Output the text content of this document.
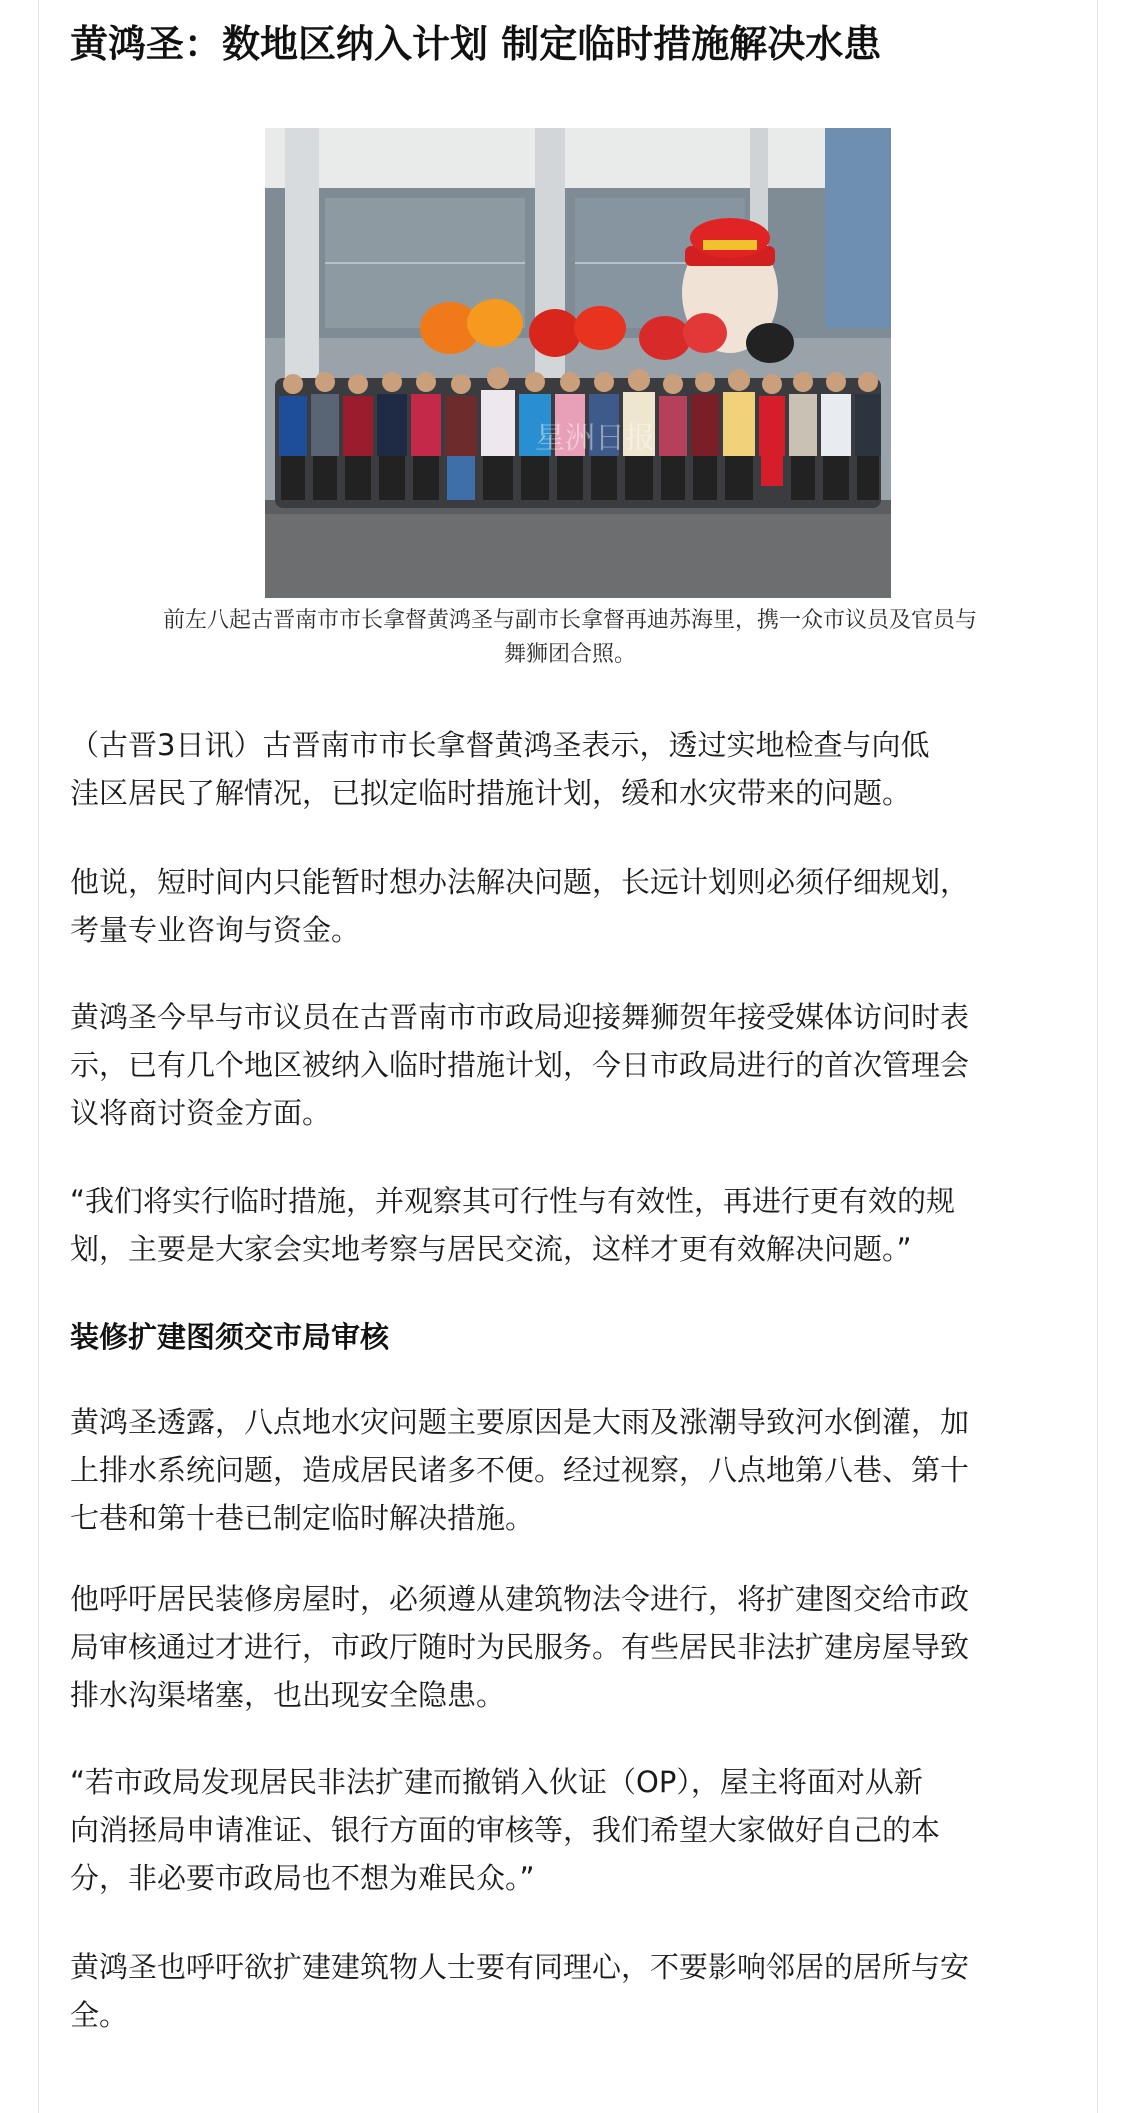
黄鸿圣：数地区纳入计划 制定临时措施解决水患
星洲日报
前左八起古晋南市市长拿督黄鸿圣与副市长拿督再迪苏海里，携一众市议员及官员与
舞狮团合照。
（古晋3日讯）古晋南市市长拿督黄鸿圣表示，透过实地检查与向低
洼区居民了解情况，已拟定临时措施计划，缓和水灾带来的问题。
他说，短时间内只能暂时想办法解决问题，长远计划则必须仔细规划，
考量专业咨询与资金。
黄鸿圣今早与市议员在古晋南市市政局迎接舞狮贺年接受媒体访问时表
示，已有几个地区被纳入临时措施计划，今日市政局进行的首次管理会
议将商讨资金方面。
“我们将实行临时措施，并观察其可行性与有效性，再进行更有效的规
划，主要是大家会实地考察与居民交流，这样才更有效解决问题。”
装修扩建图须交市局审核
黄鸿圣透露，八点地水灾问题主要原因是大雨及涨潮导致河水倒灌，加
上排水系统问题，造成居民诸多不便。经过视察，八点地第八巷、第十
七巷和第十巷已制定临时解决措施。
他呼吁居民装修房屋时，必须遵从建筑物法令进行，将扩建图交给市政
局审核通过才进行，市政厅随时为民服务。有些居民非法扩建房屋导致
排水沟渠堵塞，也出现安全隐患。
“若市政局发现居民非法扩建而撤销入伙证（OP），屋主将面对从新
向消拯局申请准证、银行方面的审核等，我们希望大家做好自己的本
分，非必要市政局也不想为难民众。”
黄鸿圣也呼吁欲扩建建筑物人士要有同理心，不要影响邻居的居所与安
全。
